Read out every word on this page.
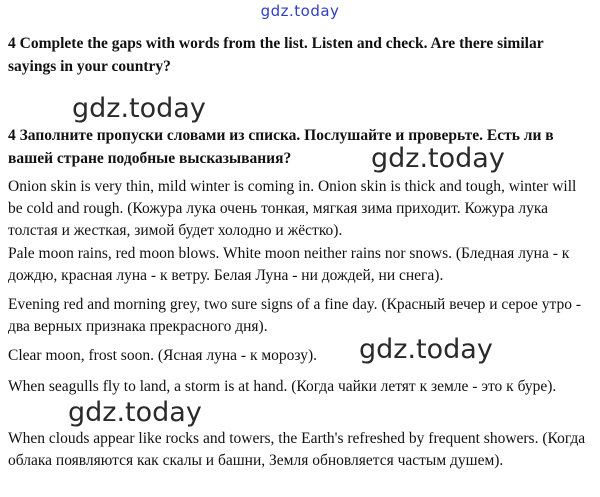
gdz.today
4 Complete the gaps with words from the list. Listen and check. Are there similar sayings in your country?
4 Заполните пропуски словами из списка. Послушайте и проверьте. Есть ли в вашей стране подобные высказывания?
Onion skin is very thin, mild winter is coming in. Onion skin is thick and tough, winter will be cold and rough. (Кожура лука очень тонкая, мягкая зима приходит. Кожура лука толстая и жесткая, зимой будет холодно и жёстко).
Pale moon rains, red moon blows. White moon neither rains nor snows. (Бледная луна - к дождю, красная луна - к ветру. Белая Луна - ни дождей, ни снега).
Evening red and morning grey, two sure signs of a fine day. (Красный вечер и серое утро - два верных признака прекрасного дня).
Clear moon, frost soon. (Ясная луна - к морозу).
When seagulls fly to land, a storm is at hand. (Когда чайки летят к земле - это к буре).
When clouds appear like rocks and towers, the Earth's refreshed by frequent showers. (Когда облака появляются как скалы и башни, Земля обновляется частым душем).
gdz.today
gdz.today
gdz.today
gdz.today
